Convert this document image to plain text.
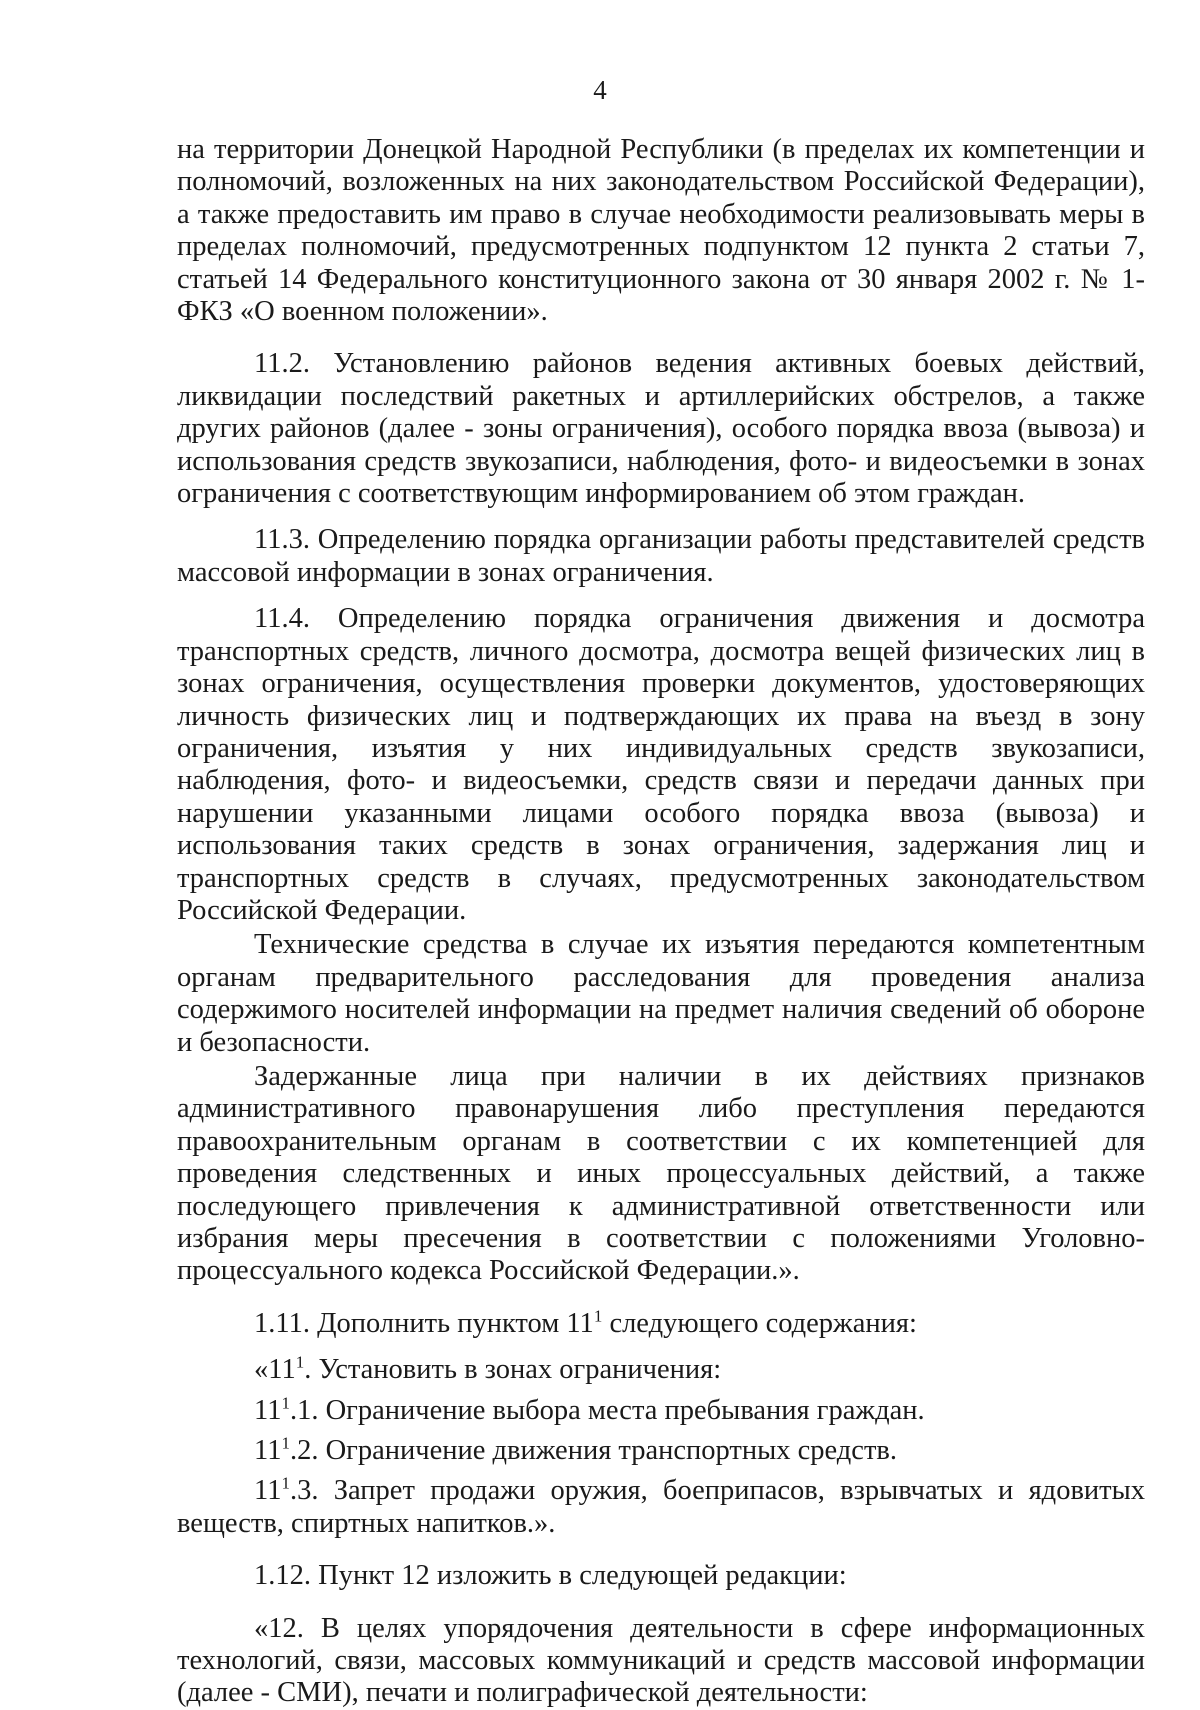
4

на территории Донецкой Народной Республики (в пределах их компетенции и полномочий, возложенных на них законодательством Российской Федерации), а также предоставить им право в случае необходимости реализовывать меры в пределах полномочий, предусмотренных подпунктом 12 пункта 2 статьи 7, статьей 14 Федерального конституционного закона от 30 января 2002 г. № 1-ФКЗ «О военном положении».

11.2. Установлению районов ведения активных боевых действий, ликвидации последствий ракетных и артиллерийских обстрелов, а также других районов (далее - зоны ограничения), особого порядка ввоза (вывоза) и использования средств звукозаписи, наблюдения, фото- и видеосъемки в зонах ограничения с соответствующим информированием об этом граждан.

11.3. Определению порядка организации работы представителей средств массовой информации в зонах ограничения.

11.4. Определению порядка ограничения движения и досмотра транспортных средств, личного досмотра, досмотра вещей физических лиц в зонах ограничения, осуществления проверки документов, удостоверяющих личность физических лиц и подтверждающих их права на въезд в зону ограничения, изъятия у них индивидуальных средств звукозаписи, наблюдения, фото- и видеосъемки, средств связи и передачи данных при нарушении указанными лицами особого порядка ввоза (вывоза) и использования таких средств в зонах ограничения, задержания лиц и транспортных средств в случаях, предусмотренных законодательством Российской Федерации.

Технические средства в случае их изъятия передаются компетентным органам предварительного расследования для проведения анализа содержимого носителей информации на предмет наличия сведений об обороне и безопасности.

Задержанные лица при наличии в их действиях признаков административного правонарушения либо преступления передаются правоохранительным органам в соответствии с их компетенцией для проведения следственных и иных процессуальных действий, а также последующего привлечения к административной ответственности или избрания меры пресечения в соответствии с положениями Уголовно-процессуального кодекса Российской Федерации.».

1.11. Дополнить пунктом $11^1$ следующего содержания:

«$11^1$. Установить в зонах ограничения:

$11^1.1$. Ограничение выбора места пребывания граждан.

$11^1.2$. Ограничение движения транспортных средств.

$11^1.3$. Запрет продажи оружия, боеприпасов, взрывчатых и ядовитых веществ, спиртных напитков.».

1.12. Пункт 12 изложить в следующей редакции:

«12. В целях упорядочения деятельности в сфере информационных технологий, связи, массовых коммуникаций и средств массовой информации (далее - СМИ), печати и полиграфической деятельности:
